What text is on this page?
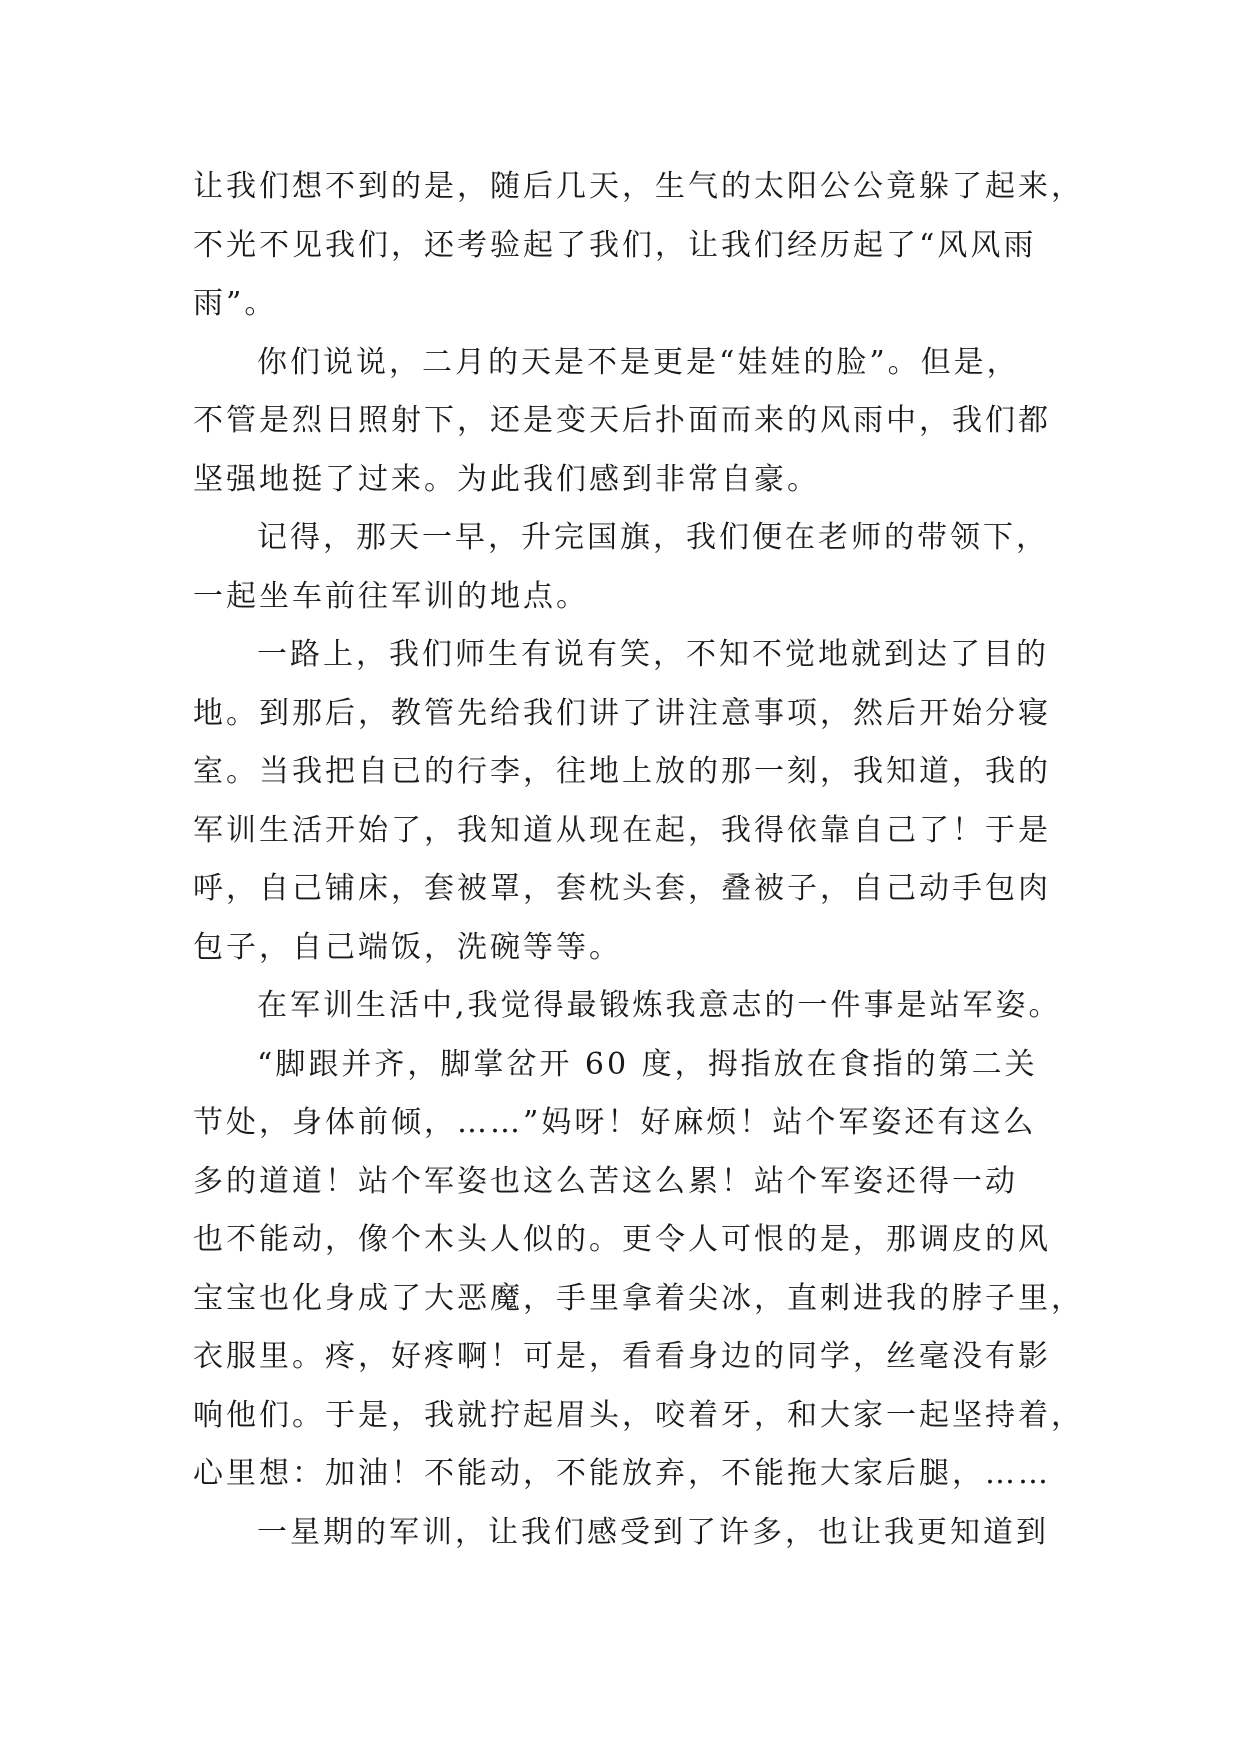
让我们想不到的是，随后几天，生气的太阳公公竟躲了起来，
不光不见我们，还考验起了我们，让我们经历起了“风风雨
雨”。
你们说说，二月的天是不是更是“娃娃的脸”。但是，
不管是烈日照射下，还是变天后扑面而来的风雨中，我们都
坚强地挺了过来。为此我们感到非常自豪。
记得，那天一早，升完国旗，我们便在老师的带领下，
一起坐车前往军训的地点。
一路上，我们师生有说有笑，不知不觉地就到达了目的
地。到那后，教管先给我们讲了讲注意事项，然后开始分寝
室。当我把自已的行李，往地上放的那一刻，我知道，我的
军训生活开始了，我知道从现在起，我得依靠自己了！于是
呼，自己铺床，套被罩，套枕头套，叠被子，自己动手包肉
包子，自己端饭，洗碗等等。
在军训生活中,我觉得最锻炼我意志的一件事是站军姿。
“脚跟并齐，脚掌岔开 60 度，拇指放在食指的第二关
节处，身体前倾，……”妈呀！好麻烦！站个军姿还有这么
多的道道！站个军姿也这么苦这么累！站个军姿还得一动
也不能动，像个木头人似的。更令人可恨的是，那调皮的风
宝宝也化身成了大恶魔，手里拿着尖冰，直刺进我的脖子里，
衣服里。疼，好疼啊！可是，看看身边的同学，丝毫没有影
响他们。于是，我就拧起眉头，咬着牙，和大家一起坚持着，
心里想：加油！不能动，不能放弃，不能拖大家后腿，……
一星期的军训，让我们感受到了许多，也让我更知道到
